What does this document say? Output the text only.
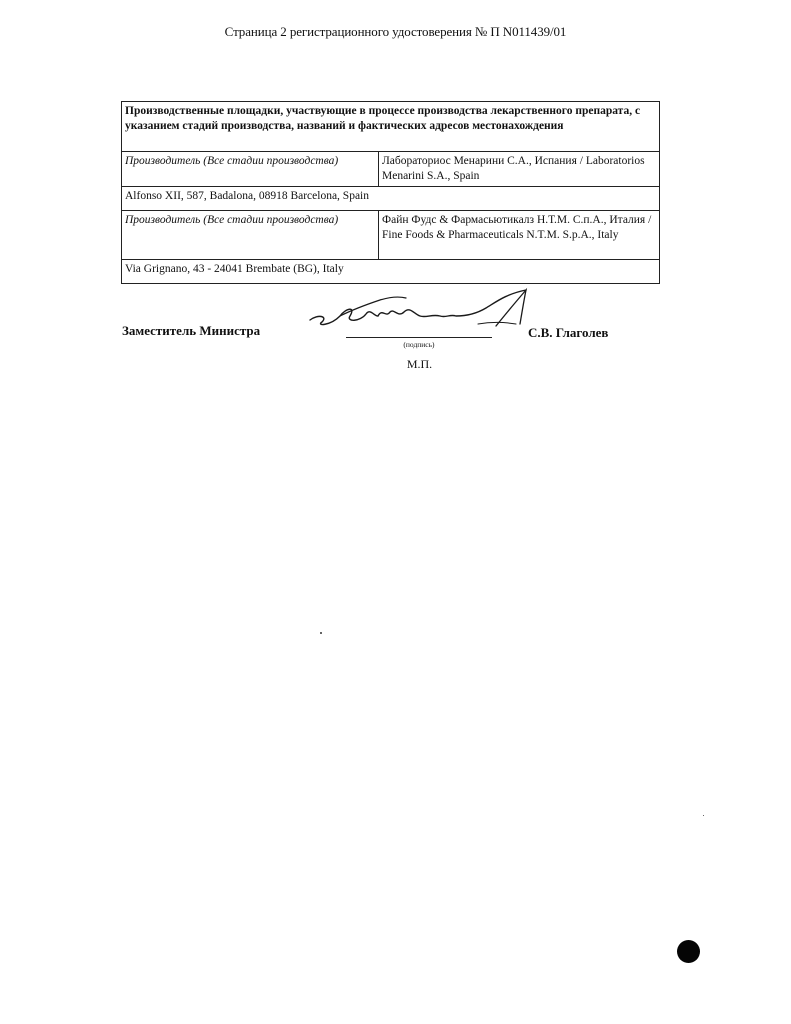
Страница 2 регистрационного удостоверения № П N011439/01
Производственные площадки, участвующие в процессе производства лекарственного препарата, с указанием стадий производства, названий и фактических адресов местонахождения	
Производитель (Все стадии производства)	Лабораториос Менарини С.А., Испания / Laboratorios Menarini S.A., Spain
Alfonso XII, 587, Badalona, 08918 Barcelona, Spain	
Производитель (Все стадии производства)	Файн Фудс & Фармасьютикалз Н.Т.М. С.п.А., Италия / Fine Foods & Pharmaceuticals N.T.M. S.p.A., Italy
Via Grignano, 43 - 24041 Brembate (BG), Italy	
Заместитель Министра
(подпись)
С.В. Глаголев
М.П.
